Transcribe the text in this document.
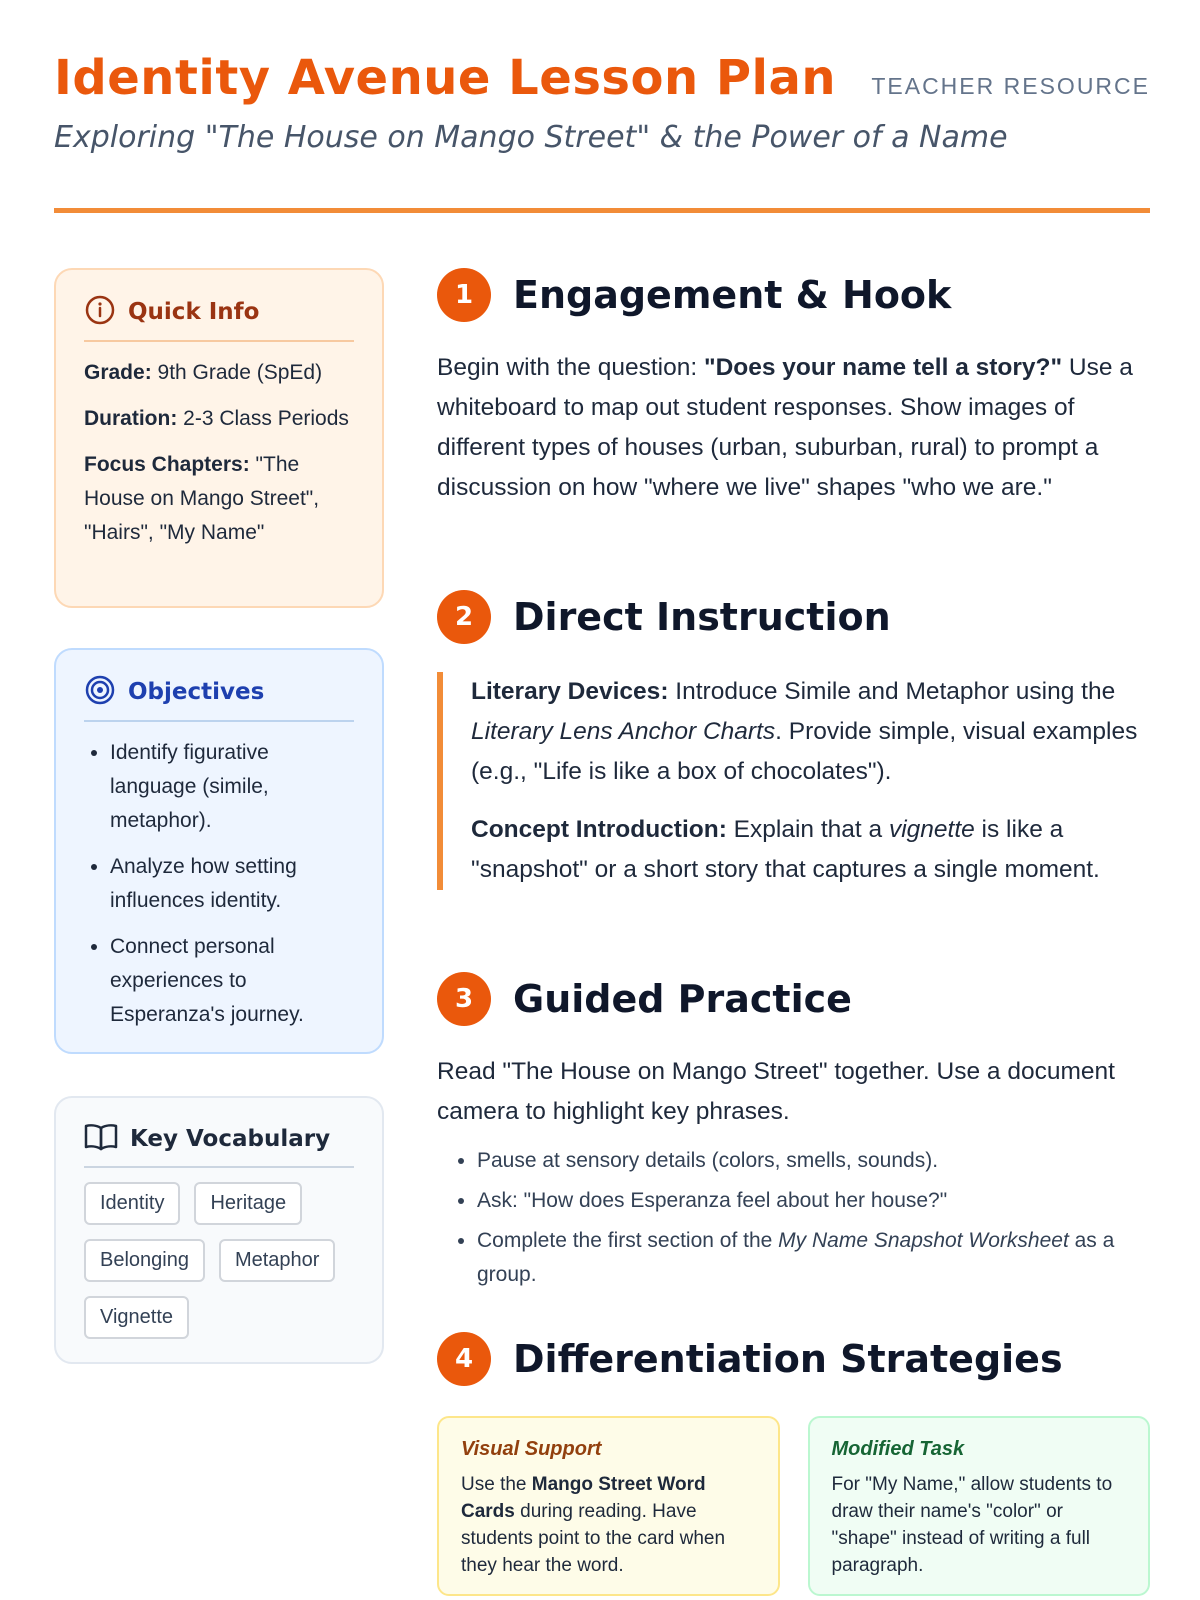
Identity Avenue Lesson Plan TEACHER RESOURCE
Exploring "The House on Mango Street" & the Power of a Name
Quick Info

Grade: 9th Grade (SpEd)

Duration: 2-3 Class Periods

Focus Chapters: "The House on Mango Street", "Hairs", "My Name"

Objectives
• Identify figurative language (simile, metaphor).
• Analyze how setting influences identity.
• Connect personal experiences to Esperanza's journey.
Key Vocabulary
Identity	Heritage
Belonging	Metaphor
Vignette
1	Engagement & Hook

Begin with the question: "Does your name tell a story?" Use a whiteboard to map out student responses. Show images of different types of houses (urban, suburban, rural) to prompt a discussion on how "where we live" shapes "who we are."

2	Direct Instruction

Literary Devices: Introduce Simile and Metaphor using the Literary Lens Anchor Charts. Provide simple, visual examples (e.g., "Life is like a box of chocolates").

Concept Introduction: Explain that a vignette is like a "snapshot" or a short story that captures a single moment.

3	Guided Practice

Read "The House on Mango Street" together. Use a document camera to highlight key phrases.

• Pause at sensory details (colors, smells, sounds).
• Ask: "How does Esperanza feel about her house?"
• Complete the first section of the My Name Snapshot Worksheet as a group.
4	Differentiation Strategies
Visual Support
Use the Mango Street Word Cards during reading. Have students point to the card when they hear the word.
Modified Task
For "My Name," allow students to draw their name's "color" or "shape" instead of writing a full paragraph.
